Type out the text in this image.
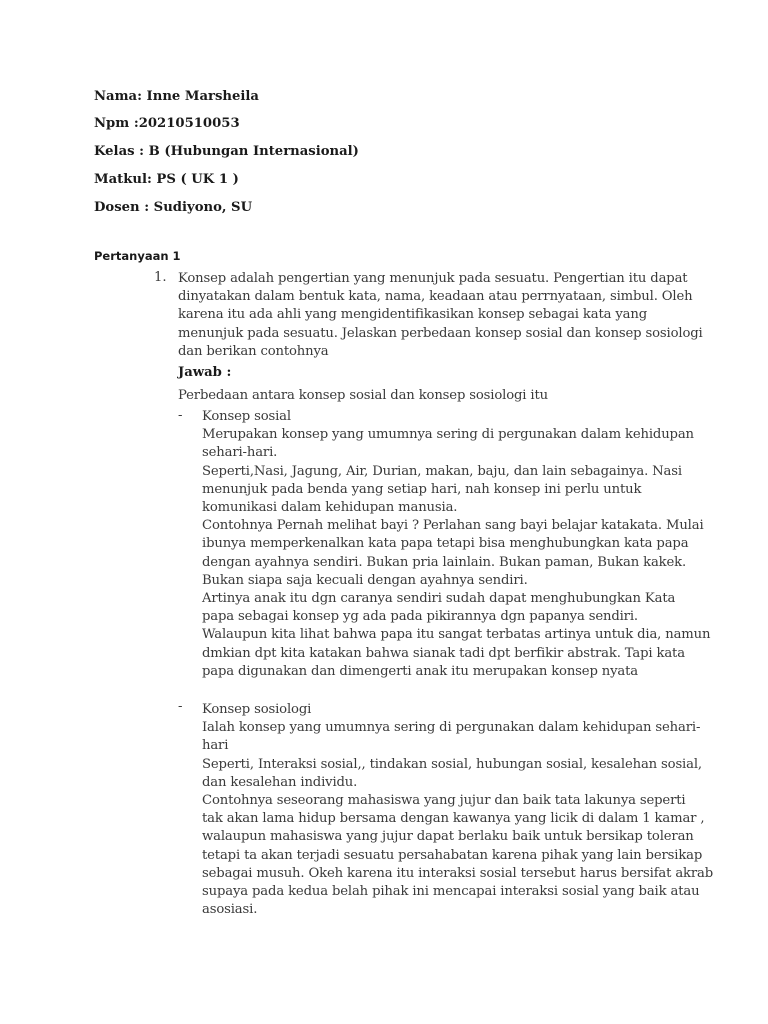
Nama: Inne Marsheila

Npm :20210510053

Kelas : B (Hubungan Internasional)

Matkul: PS ( UK 1 )

Dosen : Sudiyono, SU

Pertanyaan 1

1. Konsep adalah pengertian yang menunjuk pada sesuatu. Pengertian itu dapat
dinyatakan dalam bentuk kata, nama, keadaan atau perrnyataan, simbul. Oleh
karena itu ada ahli yang mengidentifikasikan konsep sebagai kata yang
menunjuk pada sesuatu. Jelaskan perbedaan konsep sosial dan konsep sosiologi
dan berikan contohnya

Jawab :

Perbedaan antara konsep sosial dan konsep sosiologi itu

- Konsep sosial
Merupakan konsep yang umumnya sering di pergunakan dalam kehidupan
sehari-hari.
Seperti,Nasi, Jagung, Air, Durian, makan, baju, dan lain sebagainya. Nasi
menunjuk pada benda yang setiap hari, nah konsep ini perlu untuk
komunikasi dalam kehidupan manusia.
Contohnya Pernah melihat bayi ? Perlahan sang bayi belajar katakata. Mulai
ibunya memperkenalkan kata papa tetapi bisa menghubungkan kata papa
dengan ayahnya sendiri. Bukan pria lainlain. Bukan paman, Bukan kakek.
Bukan siapa saja kecuali dengan ayahnya sendiri.
Artinya anak itu dgn caranya sendiri sudah dapat menghubungkan Kata
papa sebagai konsep yg ada pada pikirannya dgn papanya sendiri.
Walaupun kita lihat bahwa papa itu sangat terbatas artinya untuk dia, namun
dmkian dpt kita katakan bahwa sianak tadi dpt berfikir abstrak. Tapi kata
papa digunakan dan dimengerti anak itu merupakan konsep nyata

- Konsep sosiologi
Ialah konsep yang umumnya sering di pergunakan dalam kehidupan sehari-
hari
Seperti, Interaksi sosial,, tindakan sosial, hubungan sosial, kesalehan sosial,
dan kesalehan individu.
Contohnya seseorang mahasiswa yang jujur dan baik tata lakunya seperti
tak akan lama hidup bersama dengan kawanya yang licik di dalam 1 kamar ,
walaupun mahasiswa yang jujur dapat berlaku baik untuk bersikap toleran
tetapi ta akan terjadi sesuatu persahabatan karena pihak yang lain bersikap
sebagai musuh. Okeh karena itu interaksi sosial tersebut harus bersifat akrab
supaya pada kedua belah pihak ini mencapai interaksi sosial yang baik atau
asosiasi.
